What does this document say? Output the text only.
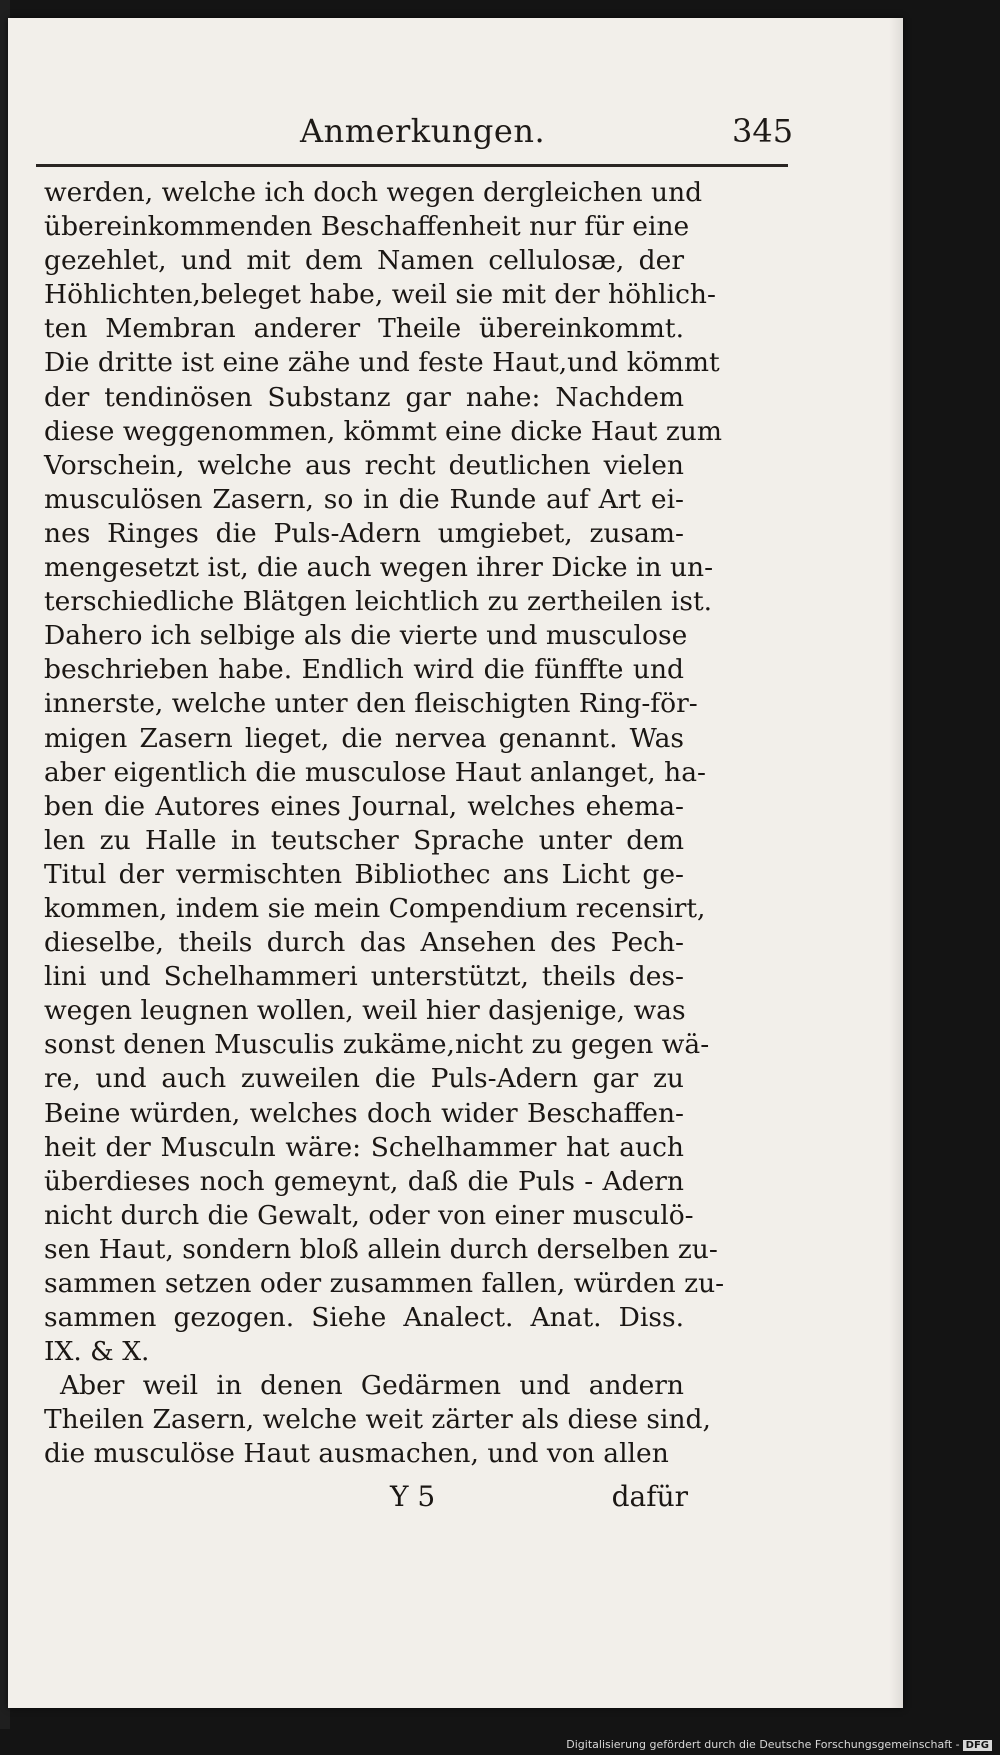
Anmerkungen.	345
werden, welche ich doch wegen dergleichen und
übereinkommenden Beschaffenheit nur für eine
gezehlet, und mit dem Namen cellulosæ, der
Höhlichten,beleget habe, weil sie mit der höhlich-
ten Membran anderer Theile übereinkommt.
Die dritte ist eine zähe und feste Haut,und kömmt
der tendinösen Substanz gar nahe: Nachdem
diese weggenommen, kömmt eine dicke Haut zum
Vorschein, welche aus recht deutlichen vielen
musculösen Zasern, so in die Runde auf Art ei-
nes Ringes die Puls-Adern umgiebet, zusam-
mengesetzt ist, die auch wegen ihrer Dicke in un-
terschiedliche Blätgen leichtlich zu zertheilen ist.
Dahero ich selbige als die vierte und musculose
beschrieben habe. Endlich wird die fünffte und
innerste, welche unter den fleischigten Ring-för-
migen Zasern lieget, die nervea genannt. Was
aber eigentlich die musculose Haut anlanget, ha-
ben die Autores eines Journal, welches ehema-
len zu Halle in teutscher Sprache unter dem
Titul der vermischten Bibliothec ans Licht ge-
kommen, indem sie mein Compendium recensirt,
dieselbe, theils durch das Ansehen des Pech-
lini und Schelhammeri unterstützt, theils des-
wegen leugnen wollen, weil hier dasjenige, was
sonst denen Musculis zukäme,nicht zu gegen wä-
re, und auch zuweilen die Puls-Adern gar zu
Beine würden, welches doch wider Beschaffen-
heit der Musculn wäre: Schelhammer hat auch
überdieses noch gemeynt, daß die Puls - Adern
nicht durch die Gewalt, oder von einer musculö-
sen Haut, sondern bloß allein durch derselben zu-
sammen setzen oder zusammen fallen, würden zu-
sammen gezogen. Siehe Analect. Anat. Diss.
IX. & X.
Aber weil in denen Gedärmen und andern
Theilen Zasern, welche weit zärter als diese sind,
die musculöse Haut ausmachen, und von allen
Y 5	dafür
Digitalisierung gefördert durch die Deutsche Forschungsgemeinschaft - DFG
